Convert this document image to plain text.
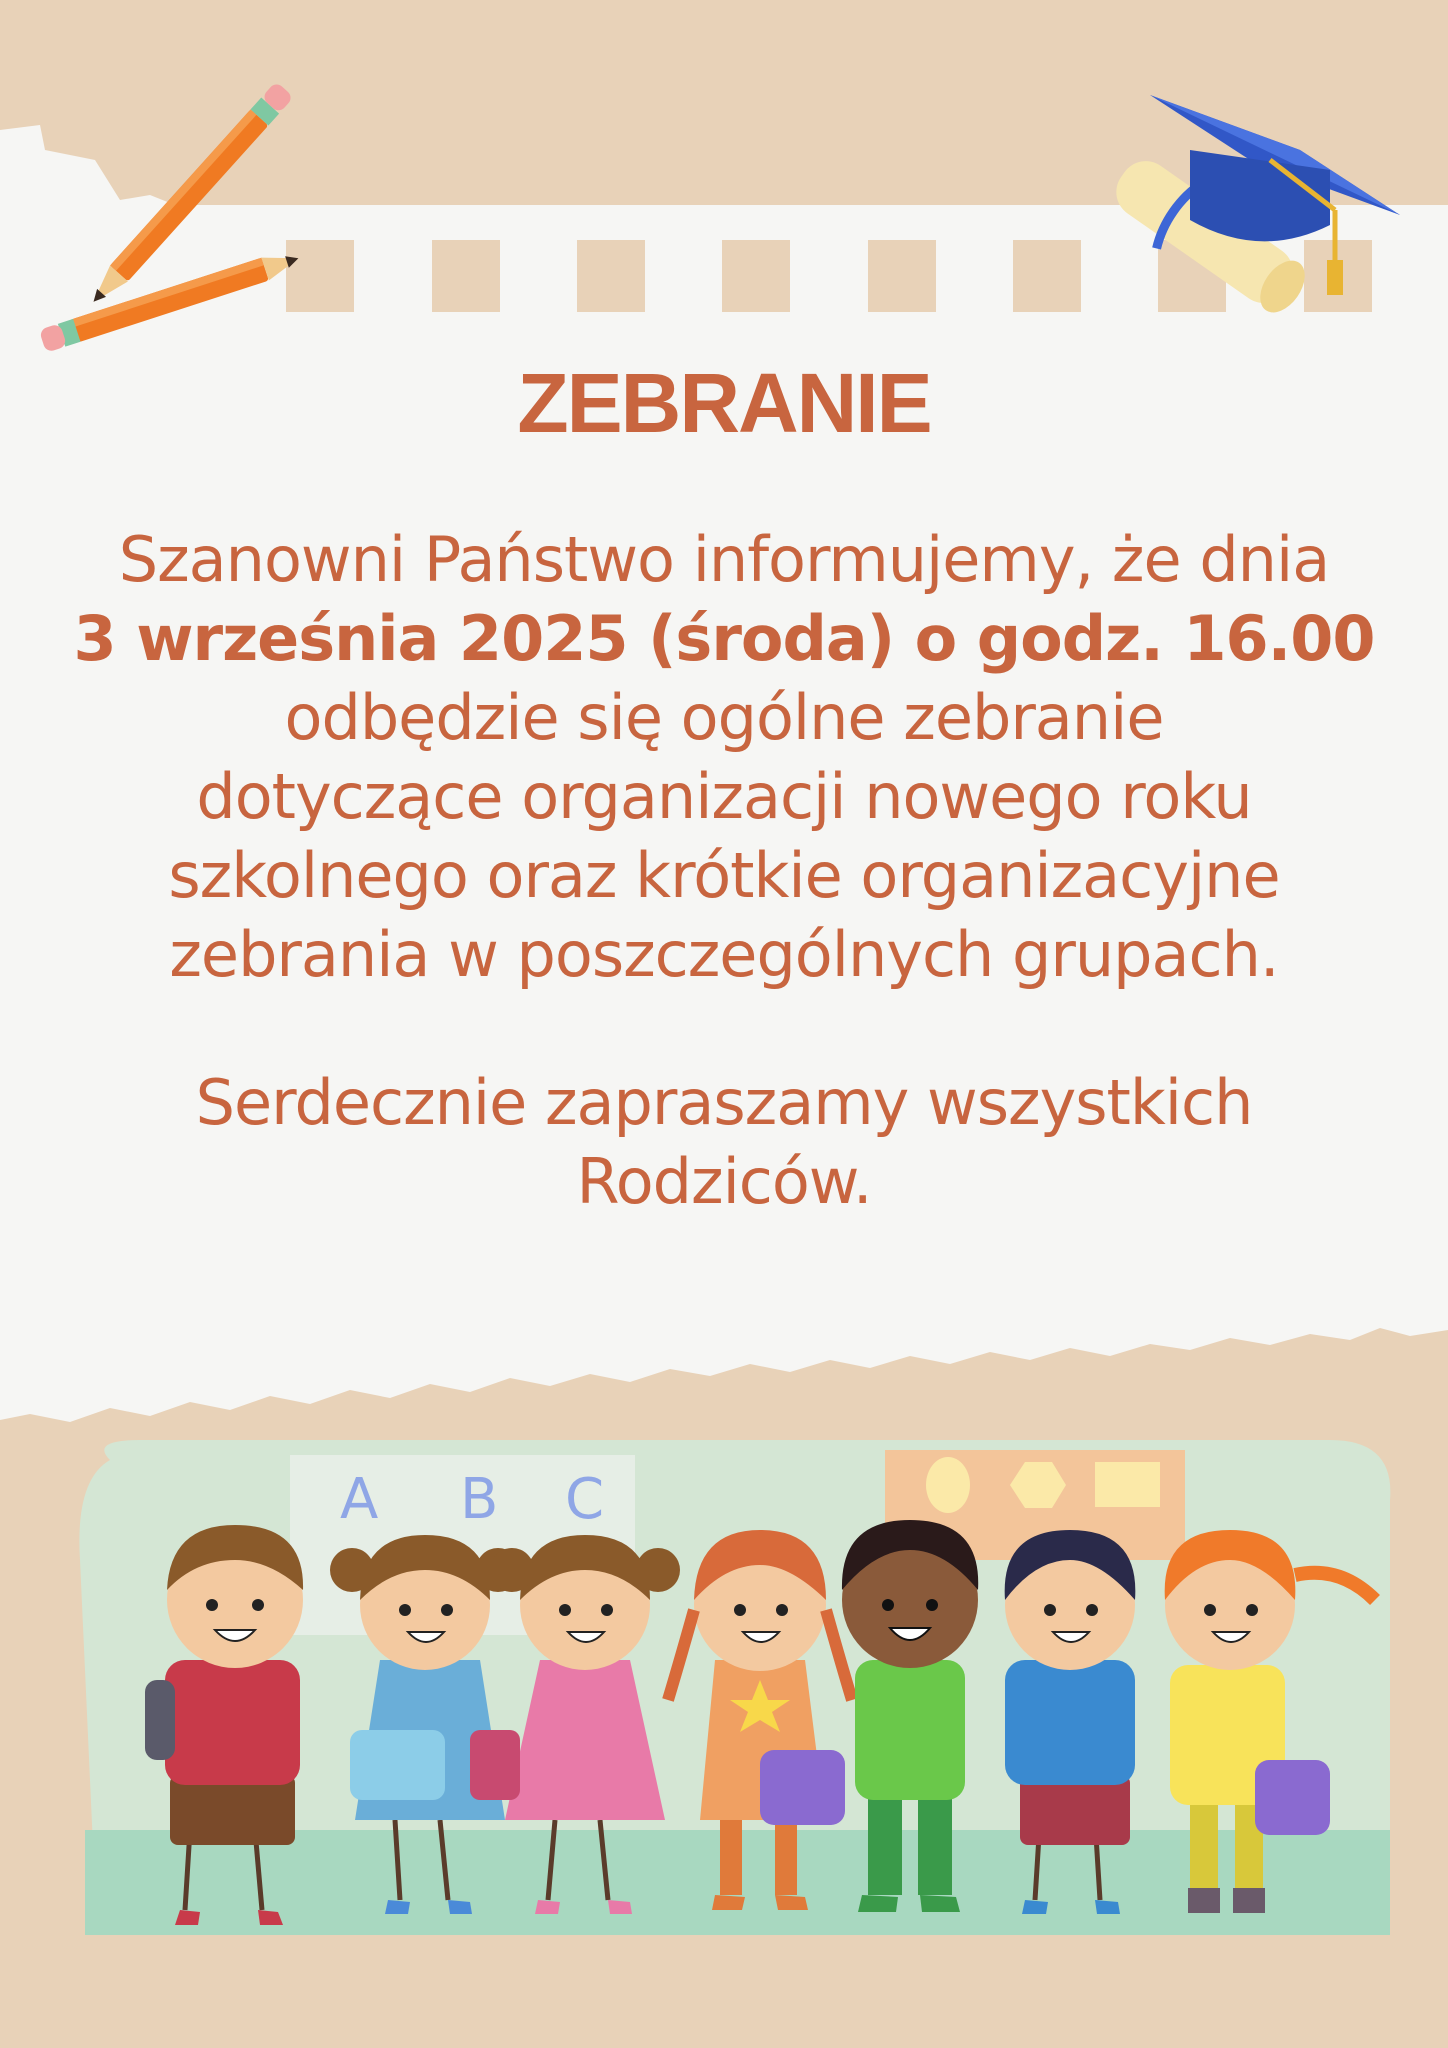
ZEBRANIE
Szanowni Państwo informujemy, że dnia
3 września 2025 (środa) o godz. 16.00
odbędzie się ogólne zebranie
dotyczące organizacji nowego roku
szkolnego oraz krótkie organizacyjne
zebrania w poszczególnych grupach.
Serdecznie zapraszamy wszystkich
Rodziców.
A B C
